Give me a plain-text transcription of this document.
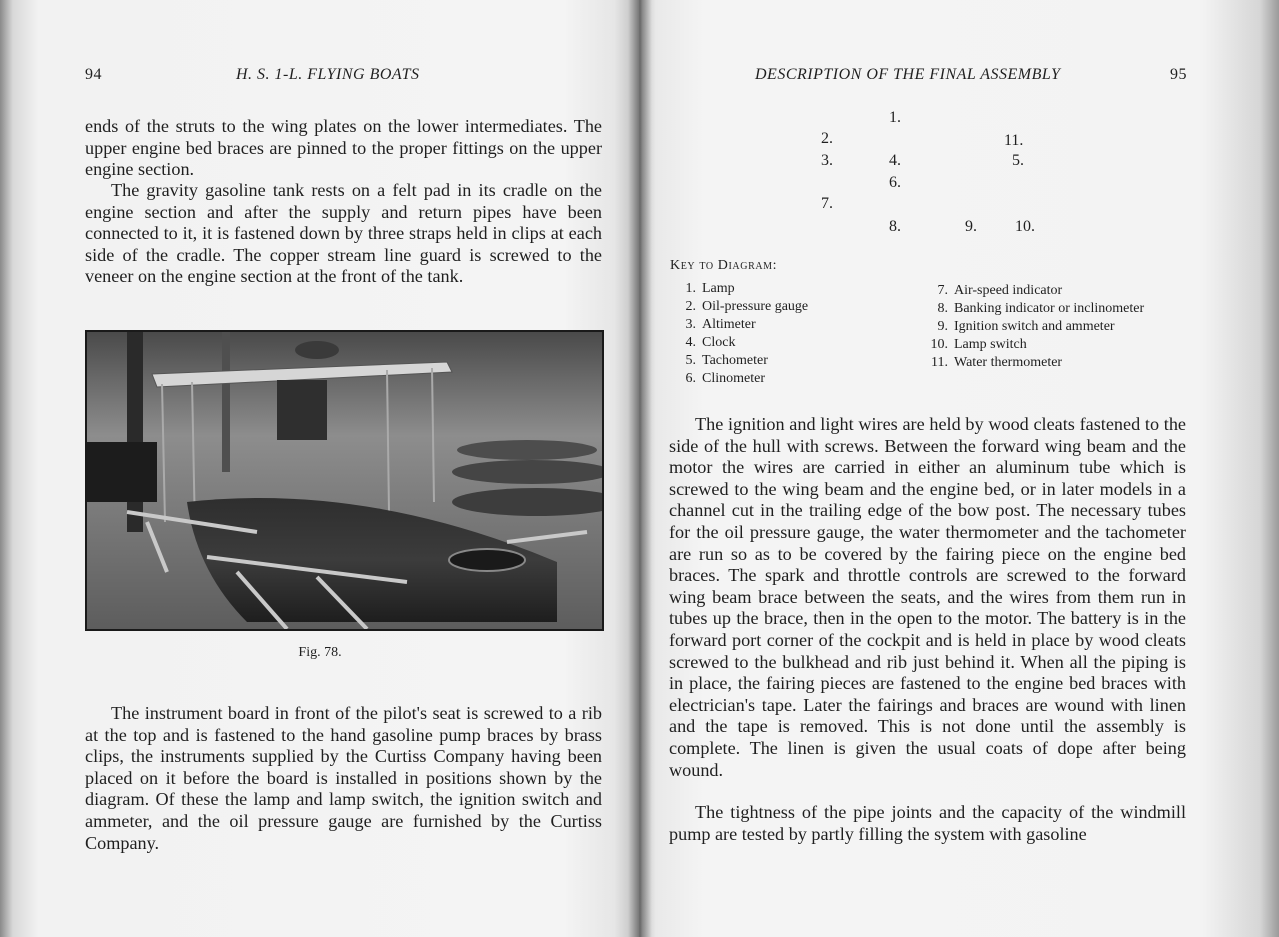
94	H. S. 1-L. FLYING BOATS

ends of the struts to the wing plates on the lower intermediates. The upper engine bed braces are pinned to the proper fittings on the upper engine section.

The gravity gasoline tank rests on a felt pad in its cradle on the engine section and after the supply and return pipes have been connected to it, it is fastened down by three straps held in clips at each side of the cradle. The copper stream line guard is screwed to the veneer on the engine section at the front of the tank.

Fig. 78.

The instrument board in front of the pilot's seat is screwed to a rib at the top and is fastened to the hand gasoline pump braces by brass clips, the instruments supplied by the Curtiss Company having been placed on it before the board is installed in positions shown by the diagram. Of these the lamp and lamp switch, the ignition switch and ammeter, and the oil pressure gauge are furnished by the Curtiss Company.

DESCRIPTION OF THE FINAL ASSEMBLY	95
1.
2.	11.
3.	4.	5.
6.
7.
8.	9. 10.
Key to Diagram:
1. Lamp
2. Oil-pressure gauge
3. Altimeter
4. Clock
5. Tachometer
6. Clinometer
7. Air-speed indicator
8. Banking indicator or inclinometer
9. Ignition switch and ammeter
10. Lamp switch
11. Water thermometer

The ignition and light wires are held by wood cleats fastened to the side of the hull with screws. Between the forward wing beam and the motor the wires are carried in either an aluminum tube which is screwed to the wing beam and the engine bed, or in later models in a channel cut in the trailing edge of the bow post. The necessary tubes for the oil pressure gauge, the water thermometer and the tachometer are run so as to be covered by the fairing piece on the engine bed braces. The spark and throttle controls are screwed to the forward wing beam brace between the seats, and the wires from them run in tubes up the brace, then in the open to the motor. The battery is in the forward port corner of the cockpit and is held in place by wood cleats screwed to the bulkhead and rib just behind it. When all the piping is in place, the fairing pieces are fastened to the engine bed braces with electrician's tape. Later the fairings and braces are wound with linen and the tape is removed. This is not done until the assembly is complete. The linen is given the usual coats of dope after being wound.

The tightness of the pipe joints and the capacity of the windmill pump are tested by partly filling the system with gasoline
